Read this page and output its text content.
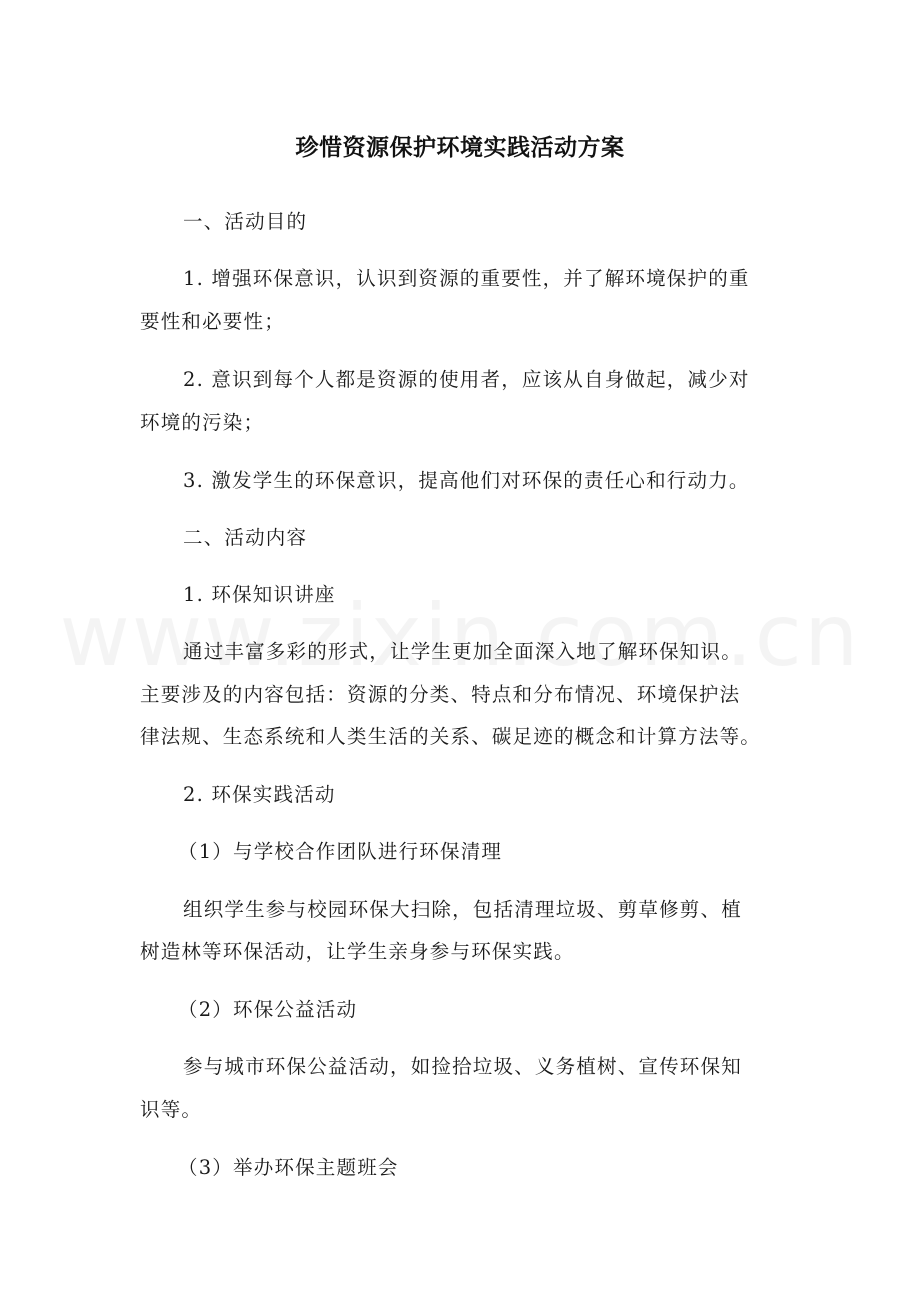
珍惜资源保护环境实践活动方案
一、活动目的
1. 增强环保意识，认识到资源的重要性，并了解环境保护的重
要性和必要性；
2. 意识到每个人都是资源的使用者，应该从自身做起，减少对
环境的污染；
3. 激发学生的环保意识，提高他们对环保的责任心和行动力。
二、活动内容
1. 环保知识讲座
通过丰富多彩的形式，让学生更加全面深入地了解环保知识。
主要涉及的内容包括：资源的分类、特点和分布情况、环境保护法
律法规、生态系统和人类生活的关系、碳足迹的概念和计算方法等。
2. 环保实践活动
（1）与学校合作团队进行环保清理
组织学生参与校园环保大扫除，包括清理垃圾、剪草修剪、植
树造林等环保活动，让学生亲身参与环保实践。
（2）环保公益活动
参与城市环保公益活动，如捡拾垃圾、义务植树、宣传环保知
识等。
（3）举办环保主题班会
